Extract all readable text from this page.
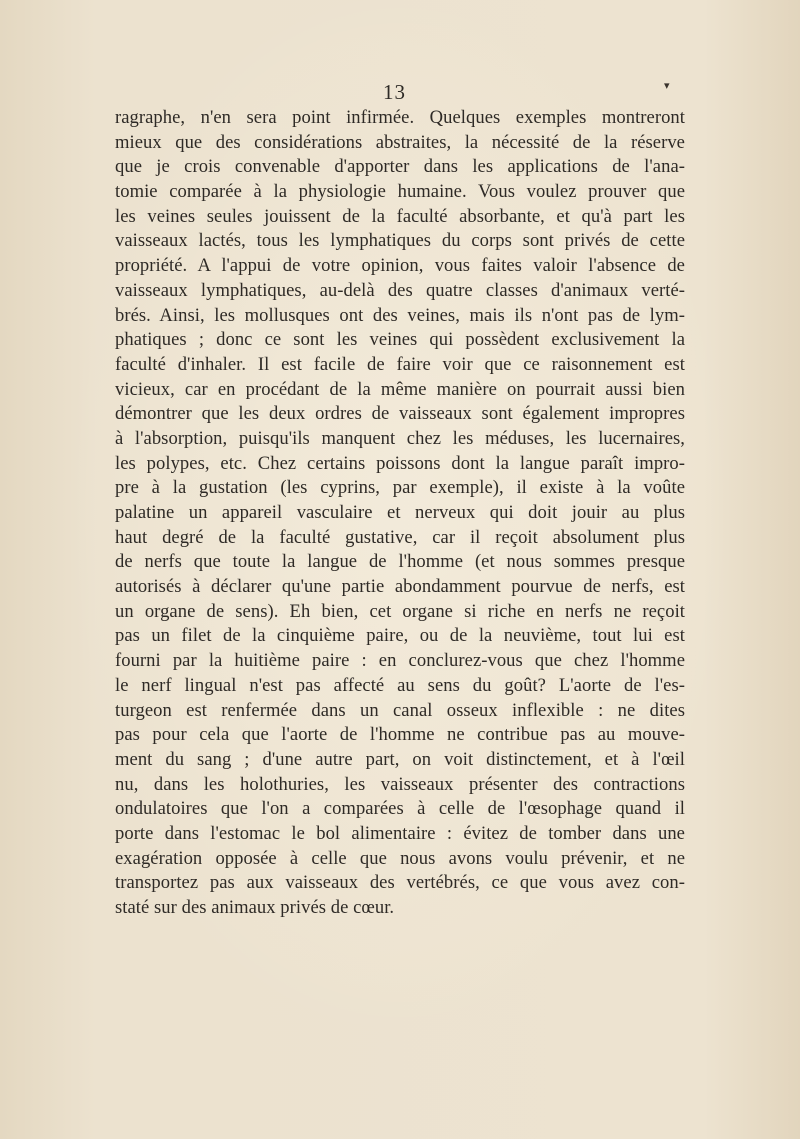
13	▾
ragraphe, n'en sera point infirmée. Quelques exemples montreront
mieux que des considérations abstraites, la nécessité de la réserve
que je crois convenable d'apporter dans les applications de l'ana-
tomie comparée à la physiologie humaine. Vous voulez prouver que
les veines seules jouissent de la faculté absorbante, et qu'à part les
vaisseaux lactés, tous les lymphatiques du corps sont privés de cette
propriété. A l'appui de votre opinion, vous faites valoir l'absence de
vaisseaux lymphatiques, au-delà des quatre classes d'animaux verté-
brés. Ainsi, les mollusques ont des veines, mais ils n'ont pas de lym-
phatiques ; donc ce sont les veines qui possèdent exclusivement la
faculté d'inhaler. Il est facile de faire voir que ce raisonnement est
vicieux, car en procédant de la même manière on pourrait aussi bien
démontrer que les deux ordres de vaisseaux sont également impropres
à l'absorption, puisqu'ils manquent chez les méduses, les lucernaires,
les polypes, etc. Chez certains poissons dont la langue paraît impro-
pre à la gustation (les cyprins, par exemple), il existe à la voûte
palatine un appareil vasculaire et nerveux qui doit jouir au plus
haut degré de la faculté gustative, car il reçoit absolument plus
de nerfs que toute la langue de l'homme (et nous sommes presque
autorisés à déclarer qu'une partie abondamment pourvue de nerfs, est
un organe de sens). Eh bien, cet organe si riche en nerfs ne reçoit
pas un filet de la cinquième paire, ou de la neuvième, tout lui est
fourni par la huitième paire : en conclurez-vous que chez l'homme
le nerf lingual n'est pas affecté au sens du goût? L'aorte de l'es-
turgeon est renfermée dans un canal osseux inflexible : ne dites
pas pour cela que l'aorte de l'homme ne contribue pas au mouve-
ment du sang ; d'une autre part, on voit distinctement, et à l'œil
nu, dans les holothuries, les vaisseaux présenter des contractions
ondulatoires que l'on a comparées à celle de l'œsophage quand il
porte dans l'estomac le bol alimentaire : évitez de tomber dans une
exagération opposée à celle que nous avons voulu prévenir, et ne
transportez pas aux vaisseaux des vertébrés, ce que vous avez con-
staté sur des animaux privés de cœur.
